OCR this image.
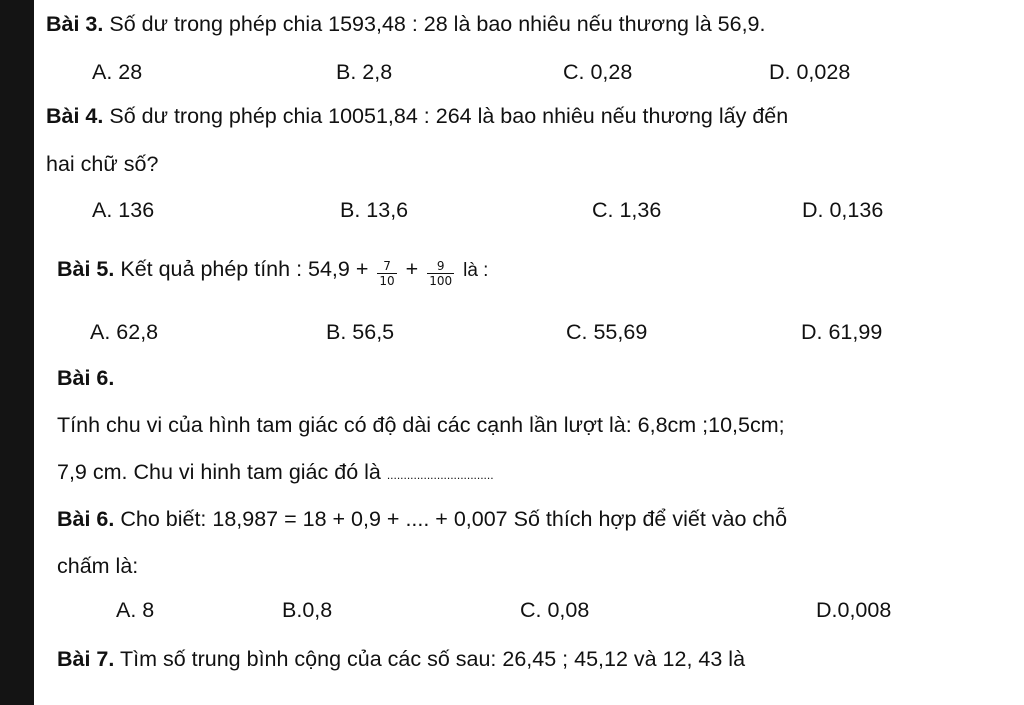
Bài 3. Số dư trong phép chia 1593,48 : 28 là bao nhiêu nếu thương là 56,9.
A. 28	B. 2,8	C. 0,28	D. 0,028
Bài 4. Số dư trong phép chia 10051,84 : 264 là bao nhiêu nếu thương lấy đến
hai chữ số?
A. 136	B. 13,6	C. 1,36	D. 0,136
Bài 5. Kết quả phép tính : $54,9 + \frac{7}{10} + \frac{9}{100}$ là :
A. 62,8	B. 56,5	C. 55,69	D. 61,99
Bài 6.
Tính chu vi của hình tam giác có độ dài các cạnh lần lượt là: 6,8cm ;10,5cm;
7,9 cm. Chu vi hinh tam giác đó là ................................
Bài 6. Cho biết: 18,987 = 18 + 0,9 + .... + 0,007 Số thích hợp để viết vào chỗ
chấm là:
A. 8	B.0,8	C. 0,08	D.0,008
Bài 7. Tìm số trung bình cộng của các số sau: 26,45 ; 45,12 và 12, 43 là
